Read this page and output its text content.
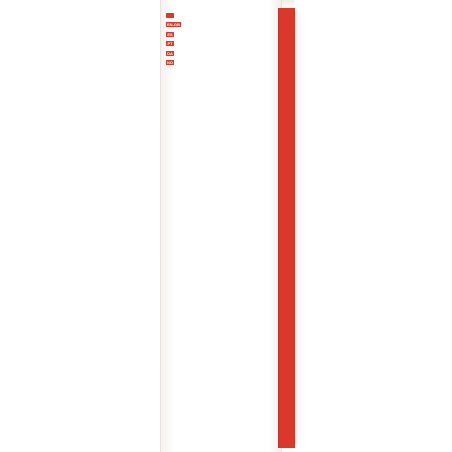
EN-GB
ES
PT
DA
NO
